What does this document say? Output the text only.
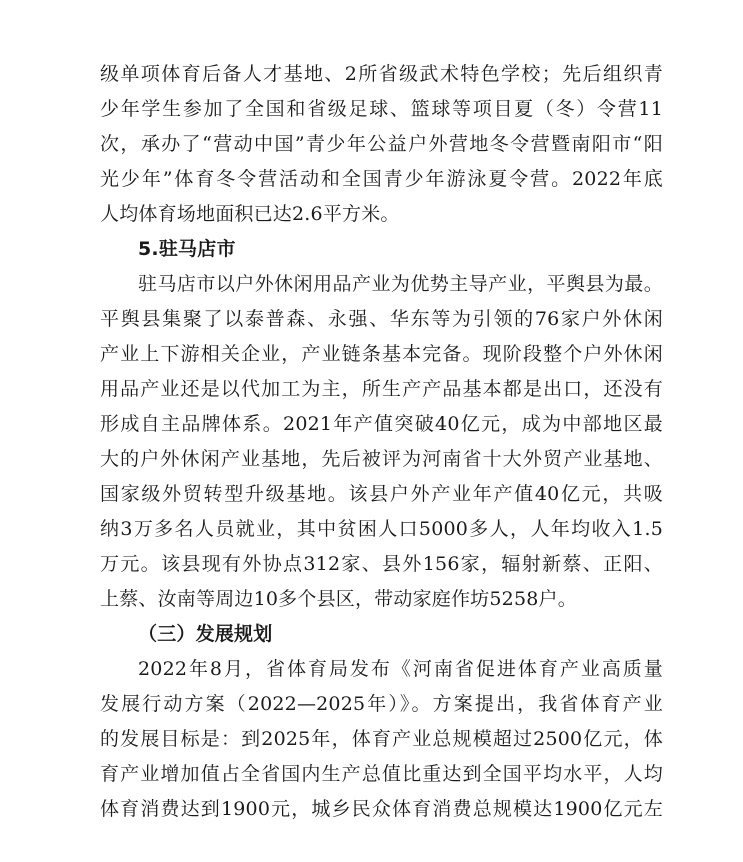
级单项体育后备人才基地、2所省级武术特色学校；先后组织青
少年学生参加了全国和省级足球、篮球等项目夏（冬）令营11
次，承办了“营动中国”青少年公益户外营地冬令营暨南阳市“阳
光少年”体育冬令营活动和全国青少年游泳夏令营。2022年底
人均体育场地面积已达2.6平方米。
5.驻马店市
驻马店市以户外休闲用品产业为优势主导产业，平舆县为最。
平舆县集聚了以泰普森、永强、华东等为引领的76家户外休闲
产业上下游相关企业，产业链条基本完备。现阶段整个户外休闲
用品产业还是以代加工为主，所生产产品基本都是出口，还没有
形成自主品牌体系。2021年产值突破40亿元，成为中部地区最
大的户外休闲产业基地，先后被评为河南省十大外贸产业基地、
国家级外贸转型升级基地。该县户外产业年产值40亿元，共吸
纳3万多名人员就业，其中贫困人口5000多人，人年均收入1.5
万元。该县现有外协点312家、县外156家，辐射新蔡、正阳、
上蔡、汝南等周边10多个县区，带动家庭作坊5258户。
（三）发展规划
2022年8月，省体育局发布《河南省促进体育产业高质量
发展行动方案（2022—2025年）》。方案提出，我省体育产业
的发展目标是：到2025年，体育产业总规模超过2500亿元，体
育产业增加值占全省国内生产总值比重达到全国平均水平，人均
体育消费达到1900元，城乡民众体育消费总规模达1900亿元左
